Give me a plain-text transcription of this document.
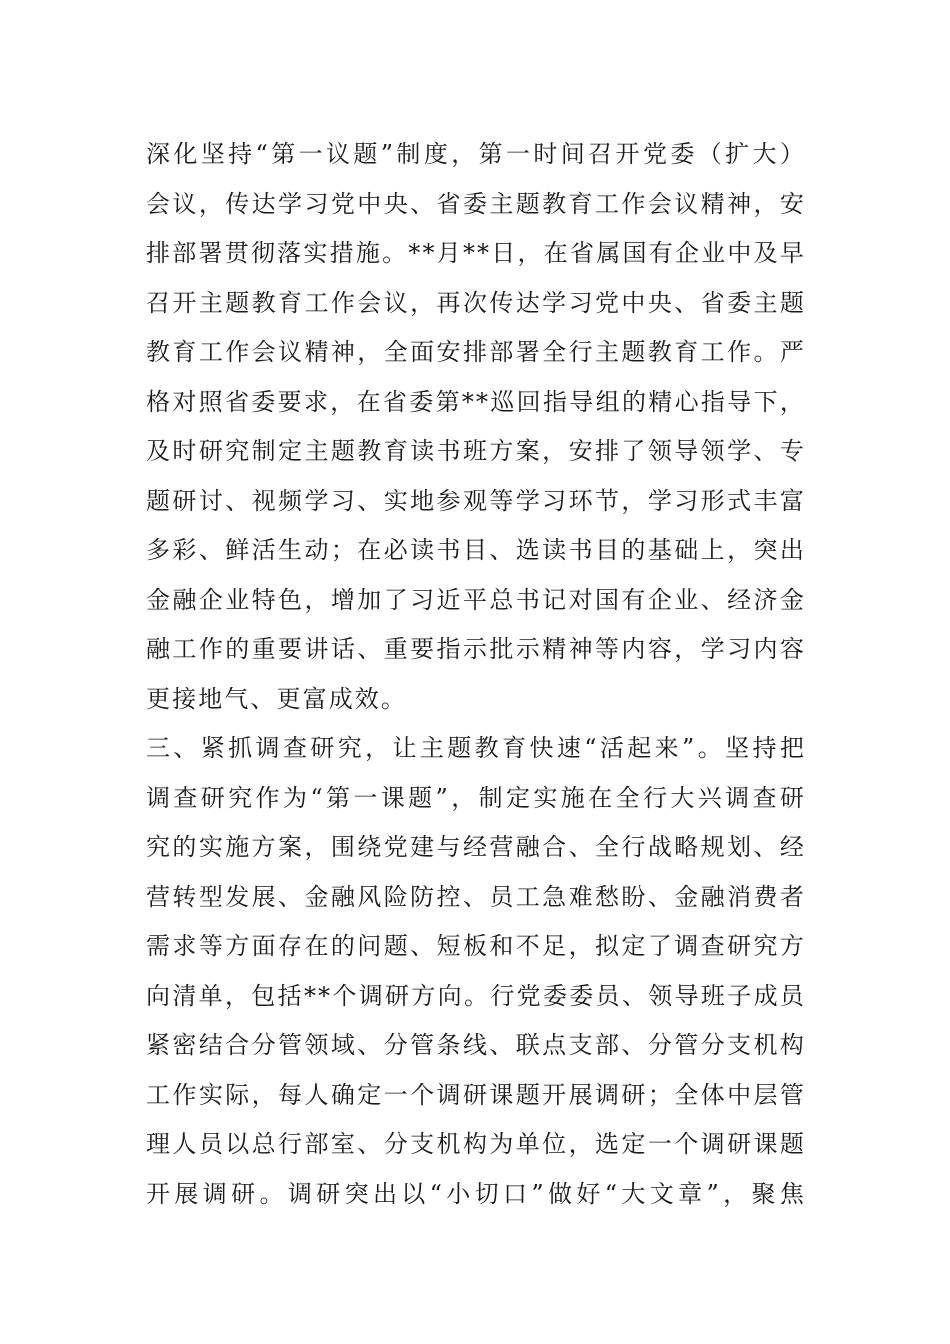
深化坚持“第一议题”制度，第一时间召开党委（扩大）
会议，传达学习党中央、省委主题教育工作会议精神，安
排部署贯彻落实措施。**月**日，在省属国有企业中及早
召开主题教育工作会议，再次传达学习党中央、省委主题
教育工作会议精神，全面安排部署全行主题教育工作。严
格对照省委要求，在省委第**巡回指导组的精心指导下，
及时研究制定主题教育读书班方案，安排了领导领学、专
题研讨、视频学习、实地参观等学习环节，学习形式丰富
多彩、鲜活生动；在必读书目、选读书目的基础上，突出
金融企业特色，增加了习近平总书记对国有企业、经济金
融工作的重要讲话、重要指示批示精神等内容，学习内容
更接地气、更富成效。
三、紧抓调查研究，让主题教育快速“活起来”。坚持把
调查研究作为“第一课题”，制定实施在全行大兴调查研
究的实施方案，围绕党建与经营融合、全行战略规划、经
营转型发展、金融风险防控、员工急难愁盼、金融消费者
需求等方面存在的问题、短板和不足，拟定了调查研究方
向清单，包括**个调研方向。行党委委员、领导班子成员
紧密结合分管领域、分管条线、联点支部、分管分支机构
工作实际，每人确定一个调研课题开展调研；全体中层管
理人员以总行部室、分支机构为单位，选定一个调研课题
开展调研。调研突出以“小切口”做好“大文章”，聚焦
